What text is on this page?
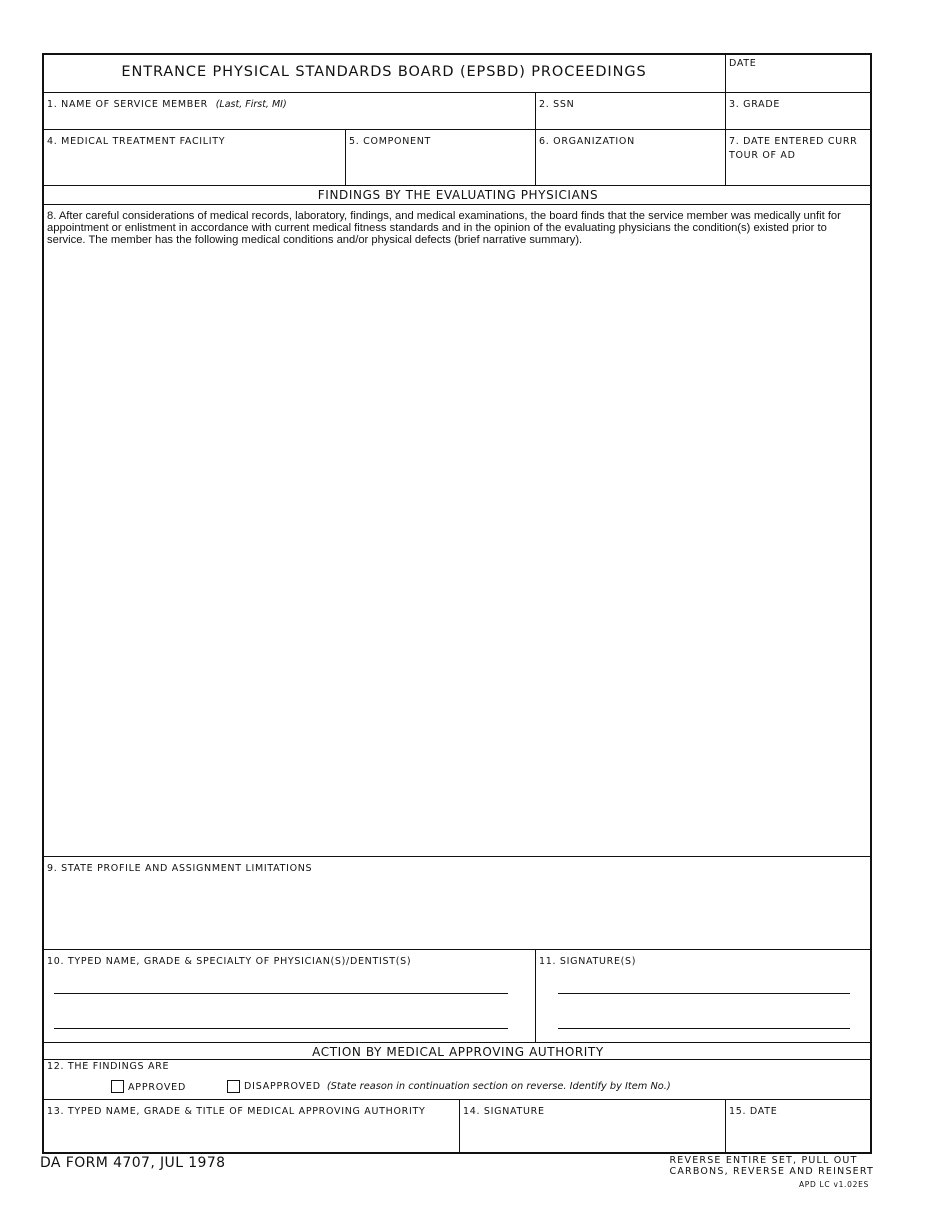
ENTRANCE PHYSICAL STANDARDS BOARD (EPSBD) PROCEEDINGS
DATE
1. NAME OF SERVICE MEMBER (Last, First, MI)	2. SSN	3. GRADE
4. MEDICAL TREATMENT FACILITY	5. COMPONENT	6. ORGANIZATION	7. DATE ENTERED CURR
TOUR OF AD
FINDINGS BY THE EVALUATING PHYSICIANS
8. After careful considerations of medical records, laboratory, findings, and medical examinations, the board finds that the service member was medically unfit for appointment or enlistment in accordance with current medical fitness standards and in the opinion of the evaluating physicians the condition(s) existed prior to service. The member has the following medical conditions and/or physical defects (brief narrative summary).
9. STATE PROFILE AND ASSIGNMENT LIMITATIONS
10. TYPED NAME, GRADE & SPECIALTY OF PHYSICIAN(S)/DENTIST(S)	11. SIGNATURE(S)
ACTION BY MEDICAL APPROVING AUTHORITY
12. THE FINDINGS ARE
APPROVED	DISAPPROVED (State reason in continuation section on reverse. Identify by Item No.)
13. TYPED NAME, GRADE & TITLE OF MEDICAL APPROVING AUTHORITY	14. SIGNATURE	15. DATE
DA FORM 4707, JUL 1978	REVERSE ENTIRE SET, PULL OUT
CARBONS, REVERSE AND REINSERT
APD LC v1.02ES
